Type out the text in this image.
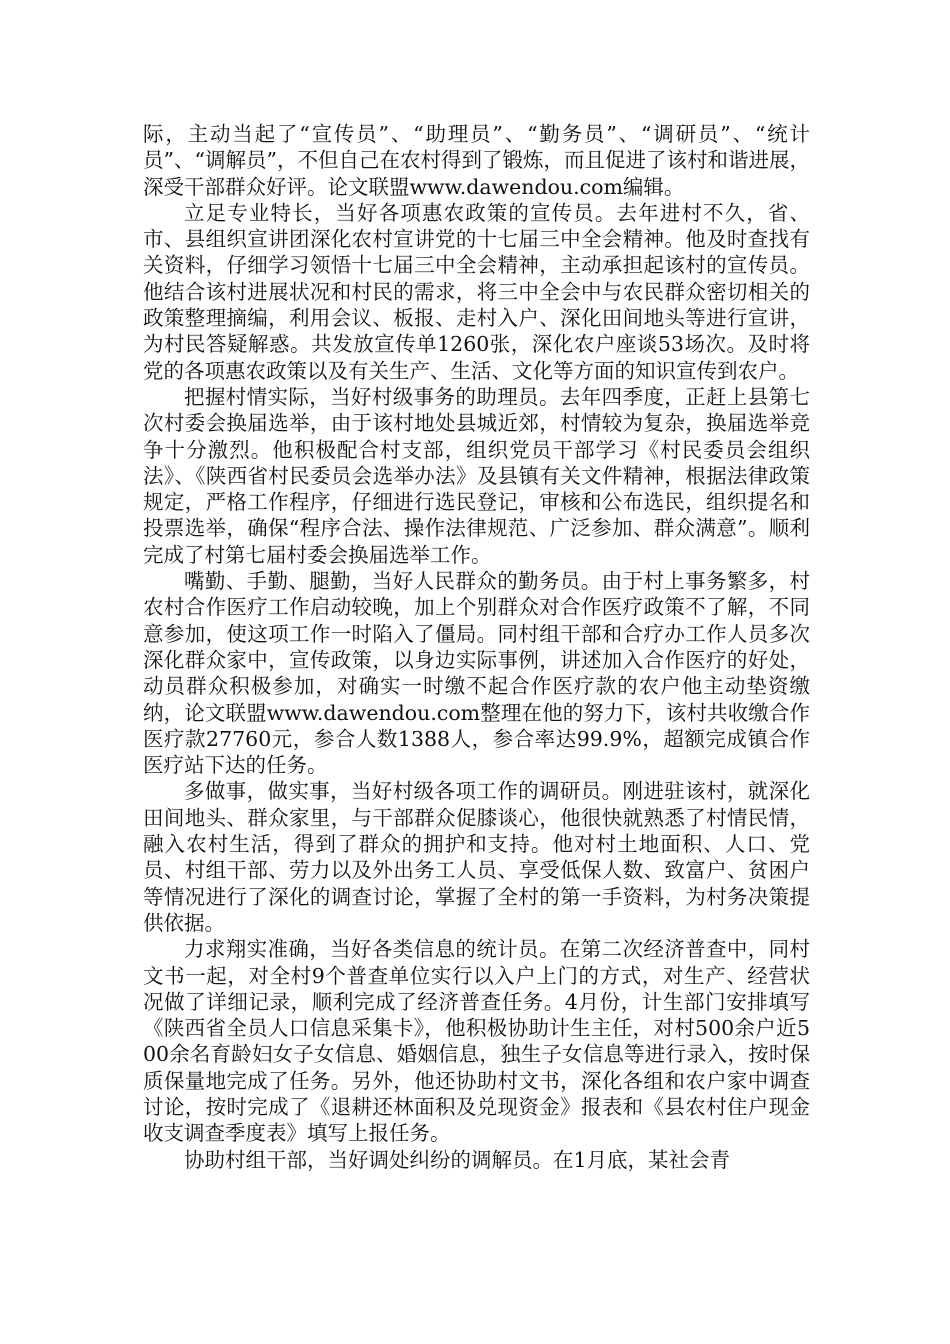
际，主动当起了“宣传员”、“助理员”、“勤务员”、“调研员”、“统计员”、“调解员”，不但自己在农村得到了锻炼，而且促进了该村和谐进展，深受干部群众好评。论文联盟www.dawendou.com编辑。

立足专业特长，当好各项惠农政策的宣传员。去年进村不久，省、市、县组织宣讲团深化农村宣讲党的十七届三中全会精神。他及时查找有关资料，仔细学习领悟十七届三中全会精神，主动承担起该村的宣传员。他结合该村进展状况和村民的需求，将三中全会中与农民群众密切相关的政策整理摘编，利用会议、板报、走村入户、深化田间地头等进行宣讲，为村民答疑解惑。共发放宣传单1260张，深化农户座谈53场次。及时将党的各项惠农政策以及有关生产、生活、文化等方面的知识宣传到农户。

把握村情实际，当好村级事务的助理员。去年四季度，正赶上县第七次村委会换届选举，由于该村地处县城近郊，村情较为复杂，换届选举竞争十分激烈。他积极配合村支部，组织党员干部学习《村民委员会组织法》、《陕西省村民委员会选举办法》及县镇有关文件精神，根据法律政策规定，严格工作程序，仔细进行选民登记，审核和公布选民，组织提名和投票选举，确保“程序合法、操作法律规范、广泛参加、群众满意”。顺利完成了村第七届村委会换届选举工作。

嘴勤、手勤、腿勤，当好人民群众的勤务员。由于村上事务繁多，村农村合作医疗工作启动较晚，加上个别群众对合作医疗政策不了解，不同意参加，使这项工作一时陷入了僵局。同村组干部和合疗办工作人员多次深化群众家中，宣传政策，以身边实际事例，讲述加入合作医疗的好处，动员群众积极参加，对确实一时缴不起合作医疗款的农户他主动垫资缴纳，论文联盟www.dawendou.com整理在他的努力下，该村共收缴合作医疗款27760元，参合人数1388人，参合率达99.9%，超额完成镇合作医疗站下达的任务。

多做事，做实事，当好村级各项工作的调研员。刚进驻该村，就深化田间地头、群众家里，与干部群众促膝谈心，他很快就熟悉了村情民情，融入农村生活，得到了群众的拥护和支持。他对村土地面积、人口、党员、村组干部、劳力以及外出务工人员、享受低保人数、致富户、贫困户等情况进行了深化的调查讨论，掌握了全村的第一手资料，为村务决策提供依据。

力求翔实准确，当好各类信息的统计员。在第二次经济普查中，同村文书一起，对全村9个普查单位实行以入户上门的方式，对生产、经营状况做了详细记录，顺利完成了经济普查任务。4月份，计生部门安排填写《陕西省全员人口信息采集卡》，他积极协助计生主任，对村500余户近500余名育龄妇女子女信息、婚姻信息，独生子女信息等进行录入，按时保质保量地完成了任务。另外，他还协助村文书，深化各组和农户家中调查讨论，按时完成了《退耕还林面积及兑现资金》报表和《县农村住户现金收支调查季度表》填写上报任务。

协助村组干部，当好调处纠纷的调解员。在1月底，某社会青
